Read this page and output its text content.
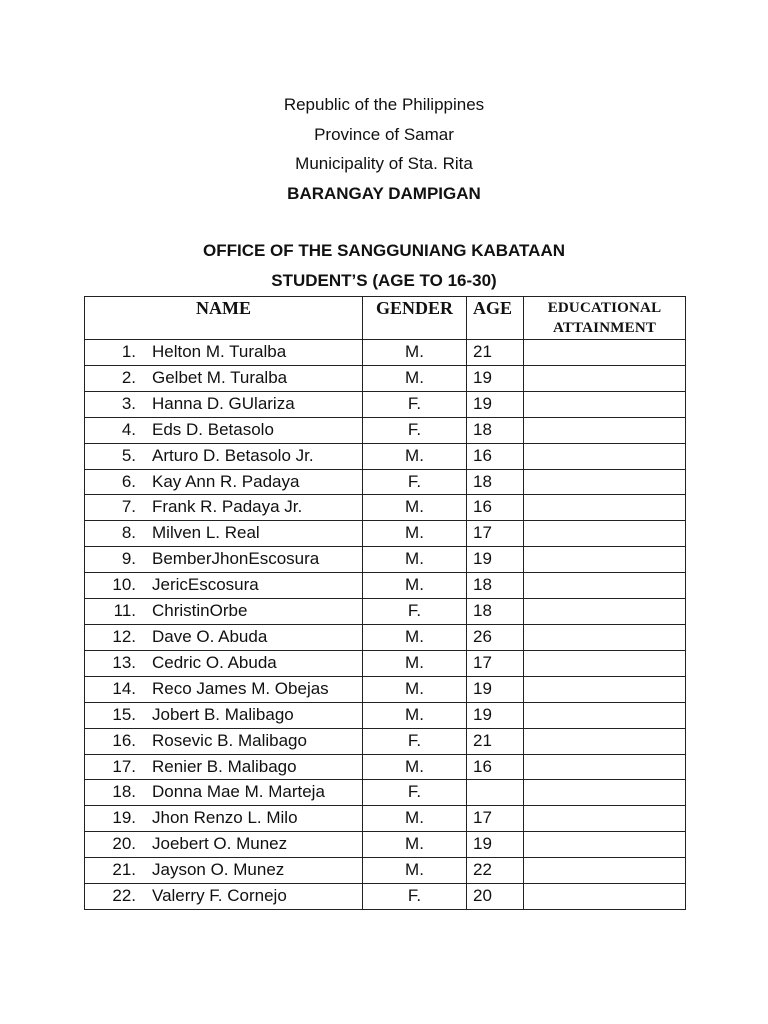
Republic of the Philippines
Province of Samar
Municipality of Sta. Rita
BARANGAY DAMPIGAN
OFFICE OF THE SANGGUNIANG KABATAAN
STUDENT’S (AGE TO 16-30)
NAME	GENDER	AGE	EDUCATIONAL
ATTAINMENT

1. Helton M. Turalba	M.	21	
2. Gelbet M. Turalba	M.	19	
3. Hanna D. GUlariza	F.	19	
4. Eds D. Betasolo	F.	18	
5. Arturo D. Betasolo Jr.	M.	16	
6. Kay Ann R. Padaya	F.	18	
7. Frank R. Padaya Jr.	M.	16	
8. Milven L. Real	M.	17	
9. BemberJhonEscosura	M.	19	
10. JericEscosura	M.	18	
11. ChristinOrbe	F.	18	
12. Dave O. Abuda	M.	26	
13. Cedric O. Abuda	M.	17	
14. Reco James M. Obejas	M.	19	
15. Jobert B. Malibago	M.	19	
16. Rosevic B. Malibago	F.	21	
17. Renier B. Malibago	M.	16	
18. Donna Mae M. Marteja	F.		
19. Jhon Renzo L. Milo	M.	17	
20. Joebert O. Munez	M.	19	
21. Jayson O. Munez	M.	22	
22. Valerry F. Cornejo	F.	20	
